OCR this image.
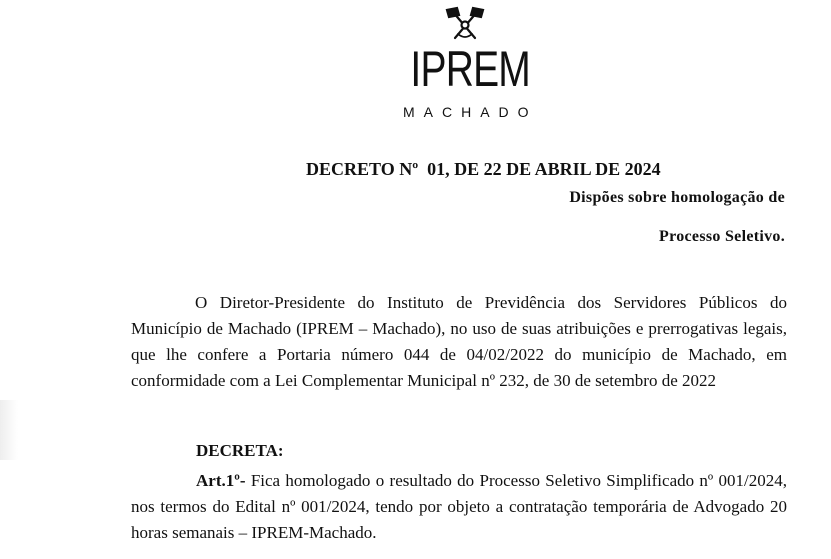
IPREM
MACHADO
DECRETO Nº  01, DE 22 DE ABRIL DE 2024
Dispões sobre homologação de
Processo Seletivo.
O Diretor-Presidente do Instituto de Previdência dos Servidores Públicos do Município de Machado (IPREM – Machado), no uso de suas atribuições e prerrogativas legais, que lhe confere a Portaria número 044 de 04/02/2022 do município de Machado, em conformidade com a Lei Complementar Municipal nº 232, de 30 de setembro de 2022
DECRETA:
Art.1º- Fica homologado o resultado do Processo Seletivo Simplificado nº 001/2024, nos termos do Edital nº 001/2024, tendo por objeto a contratação temporária de Advogado 20 horas semanais – IPREM-Machado.
